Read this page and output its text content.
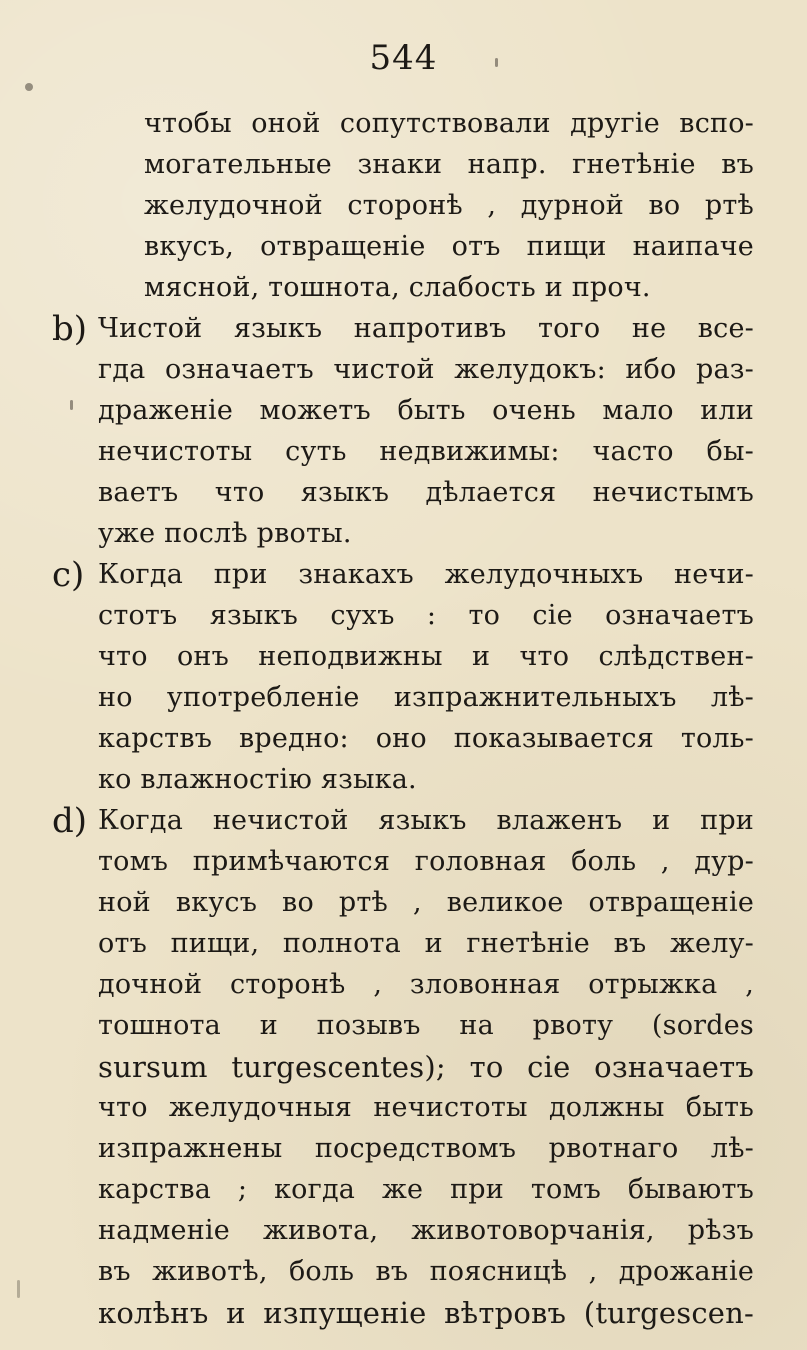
544
чтобы оной сопутствовали другіе вспо-
могательные знаки напр. гнетѣніе въ
желудочной сторонѣ , дурной во ртѣ
вкусъ, отвращеніе отъ пищи наипаче
мясной, тошнота, слабость и проч.
b) Чистой языкъ напротивъ того не все-
гда означаетъ чистой желудокъ: ибо раз-
драженіе можетъ быть очень мало или
нечистоты суть недвижимы: часто бы-
ваетъ что языкъ дѣлается нечистымъ
уже послѣ рвоты.
c) Когда при знакахъ желудочныхъ нечи-
стотъ языкъ сухъ : то сіе означаетъ
что онъ неподвижны и что слѣдствен-
но употребленіе изпражнительныхъ лѣ-
карствъ вредно: оно показывается толь-
ко влажностію языка.
d) Когда нечистой языкъ влаженъ и при
томъ примѣчаются головная боль , дур-
ной вкусъ во ртѣ , великое отвращеніе
отъ пищи, полнота и гнетѣніе въ желу-
дочной сторонѣ , зловонная отрыжка ,
тошнота и позывъ на рвоту (sordes
sursum turgescentes); то сіе означаетъ
что желудочныя нечистоты должны быть
изпражнены посредствомъ рвотнаго лѣ-
карства ; когда же при томъ бываютъ
надменіе живота, животоворчанія, рѣзъ
въ животѣ, боль въ поясницѣ , дрожаніе
колѣнъ и изпущеніе вѣтровъ (turgescen-
